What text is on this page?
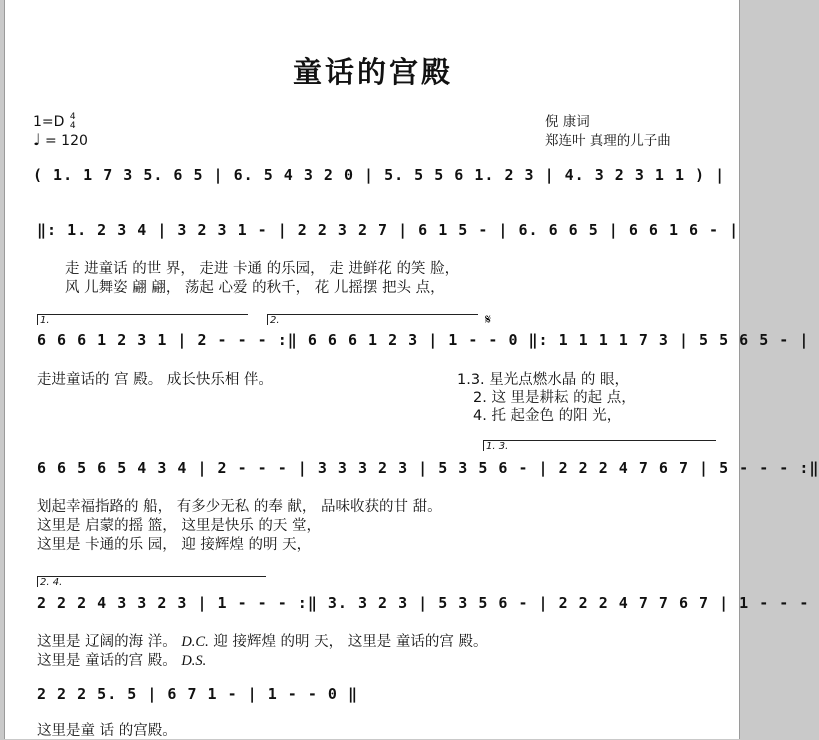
童话的宫殿
1=D 4
4
♩ = 120
倪 康词
郑连叶 真理的儿子曲
( 1. 1 7 3 5. 6 5 | 6. 5 4 3 2 0 | 5. 5 5 6 1. 2 3 | 4. 3 2 3 1 1 ) |
‖: 1. 2 3 4 | 3 2 3 1 - | 2 2 3 2 7 | 6 1 5 - | 6. 6 6 5 | 6 6 1 6 - |
走 进童话 的世 界， 走进 卡通 的乐园， 走 进鲜花 的笑 脸，
风 儿舞姿 翩 翩， 荡起 心爱 的秋千， 花 儿摇摆 把头 点，
1.	2.	𝄋
6 6 6 1 2 3 1 | 2 - - - :‖ 6 6 6 1 2 3 | 1 - - 0 ‖: 1 1 1 1 7 3 | 5 5 6 5 - |
走进童话的 宫 殿。 成长快乐相 伴。	1.3. 星光点燃水晶 的 眼，
2. 这 里是耕耘 的起 点，
4. 托 起金色 的阳 光，
1. 3.
6 6 5 6 5 4 3 4 | 2 - - - | 3 3 3 2 3 | 5 3 5 6 - | 2 2 2 4 7 6 7 | 5 - - - :‖
划起幸福指路的 船， 有多少无私 的奉 献， 品味收获的甘 甜。
这里是 启蒙的摇 篮， 这里是快乐 的天 堂，
这里是 卡通的乐 园， 迎 接辉煌 的明 天，
2. 4.
2 2 2 4 3 3 2 3 | 1 - - - :‖ 3. 3 2 3 | 5 3 5 6 - | 2 2 2 4 7 7 6 7 | 1 - - -
这里是 辽阔的海 洋。 D.C. 迎 接辉煌 的明 天， 这里是 童话的宫 殿。
这里是 童话的宫 殿。 D.S.
2 2 2 5. 5 | 6 7 1 - | 1 - - 0 ‖
这里是童 话 的宫殿。
